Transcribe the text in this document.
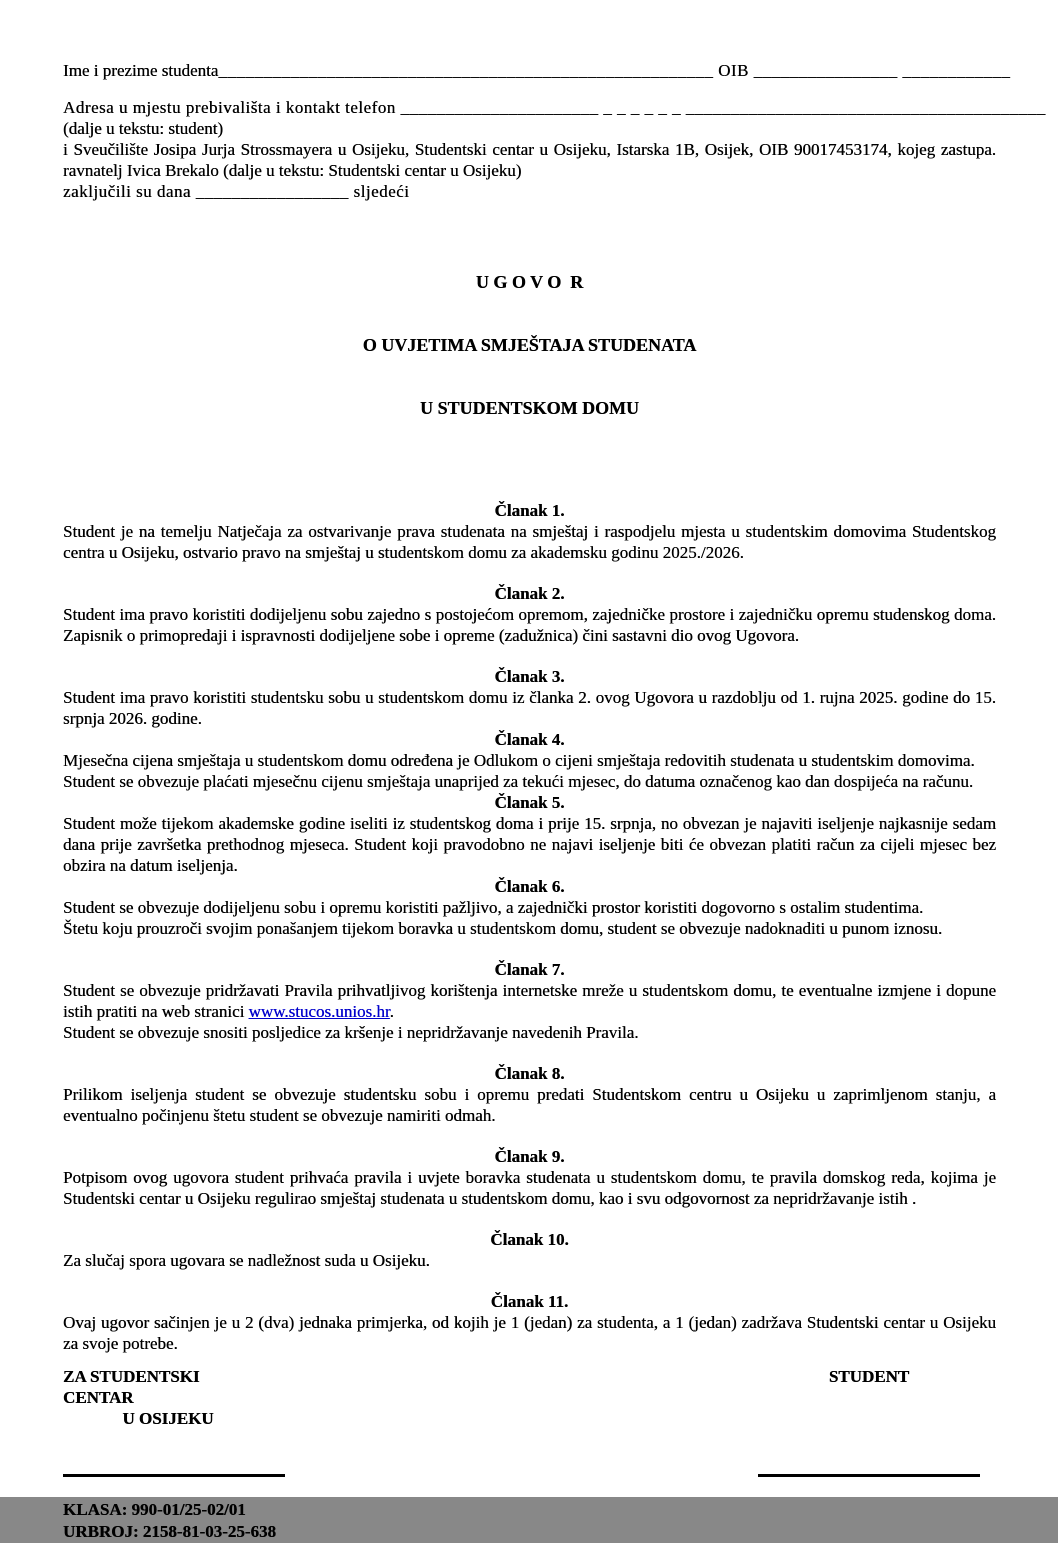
Ime i prezime studenta_______________________________________________________ OIB ________________ ____________

Adresa u mjestu prebivališta i kontakt telefon ______________________ _ _ _ _ _ _ ________________________________________

(dalje u tekstu: student)

i Sveučilište Josipa Jurja Strossmayera u Osijeku, Studentski centar u Osijeku, Istarska 1B, Osijek, OIB 90017453174, kojeg zastupa. ravnatelj Ivica Brekalo (dalje u tekstu: Studentski centar u Osijeku)

zaključili su dana _________________ sljedeći

U G O V O  R

O UVJETIMA SMJEŠTAJA STUDENATA

U STUDENTSKOM DOMU

Članak 1.

Student je na temelju Natječaja za ostvarivanje prava studenata na smještaj i raspodjelu mjesta u studentskim domovima Studentskog centra u Osijeku, ostvario pravo na smještaj u studentskom domu za akademsku godinu 2025./2026.

Članak 2.

Student ima pravo koristiti dodijeljenu sobu zajedno s postojećom opremom, zajedničke prostore i zajedničku opremu studenskog doma. Zapisnik o primopredaji i ispravnosti dodijeljene sobe i opreme (zadužnica) čini sastavni dio ovog Ugovora.

Članak 3.

Student ima pravo koristiti studentsku sobu u studentskom domu iz članka 2. ovog Ugovora u razdoblju od 1. rujna 2025. godine do 15. srpnja 2026. godine.

Članak 4.

Mjesečna cijena smještaja u studentskom domu određena je Odlukom o cijeni smještaja redovitih studenata u studentskim domovima.

Student se obvezuje plaćati mjesečnu cijenu smještaja unaprijed za tekući mjesec, do datuma označenog kao dan dospijeća na računu.

Članak 5.

Student može tijekom akademske godine iseliti iz studentskog doma i prije 15. srpnja, no obvezan je najaviti iseljenje najkasnije sedam dana prije završetka prethodnog mjeseca. Student koji pravodobno ne najavi iseljenje biti će obvezan platiti račun za cijeli mjesec bez obzira na datum iseljenja.

Članak 6.

Student se obvezuje dodijeljenu sobu i opremu koristiti pažljivo, a zajednički prostor koristiti dogovorno s ostalim studentima.

Štetu koju prouzroči svojim ponašanjem tijekom boravka u studentskom domu, student se obvezuje nadoknaditi u punom iznosu.

Članak 7.

Student se obvezuje pridržavati Pravila prihvatljivog korištenja internetske mreže u studentskom domu, te eventualne izmjene i dopune istih pratiti na web stranici www.stucos.unios.hr.

Student se obvezuje snositi posljedice za kršenje i nepridržavanje navedenih Pravila.

Članak 8.

Prilikom iseljenja student se obvezuje studentsku sobu i opremu predati Studentskom centru u Osijeku u zaprimljenom stanju, a eventualno počinjenu štetu student se obvezuje namiriti odmah.

Članak 9.

Potpisom ovog ugovora student prihvaća pravila i uvjete boravka studenata u studentskom domu, te pravila domskog reda, kojima je Studentski centar u Osijeku regulirao smještaj studenata u studentskom domu, kao i svu odgovornost za nepridržavanje istih .

Članak 10.

Za slučaj spora ugovara se nadležnost suda u Osijeku.

Članak 11.

Ovaj ugovor sačinjen je u 2 (dva) jednaka primjerka, od kojih je 1 (jedan) za studenta, a 1 (jedan) zadržava Studentski centar u Osijeku za svoje potrebe.

ZA STUDENTSKI CENTAR
U OSIJEKU
STUDENT
KLASA: 990-01/25-02/01
URBROJ: 2158-81-03-25-638
